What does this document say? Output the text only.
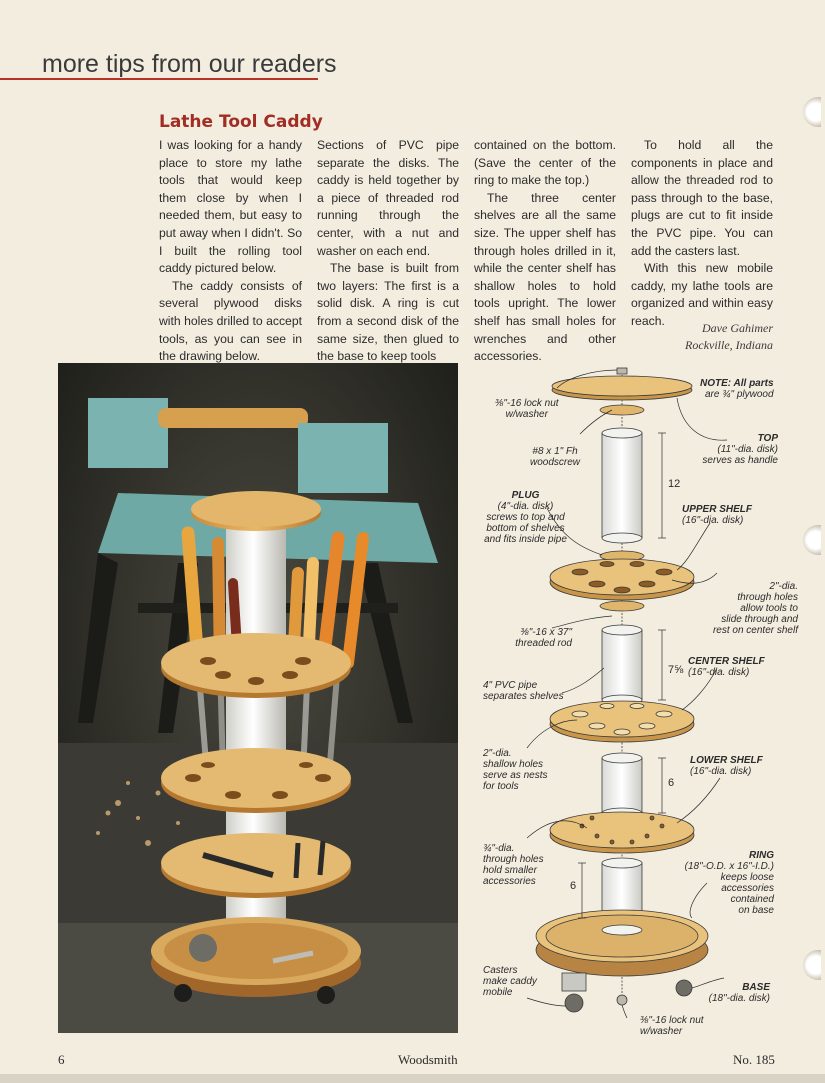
more tips from our readers
Lathe Tool Caddy

I was looking for a handy place to store my lathe tools that would keep them close by when I needed them, but easy to put away when I didn't. So I built the rolling tool caddy pictured below.

The caddy consists of several plywood disks with holes drilled to accept tools, as you can see in the drawing below.

Sections of PVC pipe separate the disks. The caddy is held together by a piece of threaded rod running through the center, with a nut and washer on each end.

The base is built from two layers: The first is a solid disk. A ring is cut from a second disk of the same size, then glued to the base to keep tools

contained on the bottom. (Save the center of the ring to make the top.)

The three center shelves are all the same size. The upper shelf has through holes drilled in it, while the center shelf has shallow holes to hold tools upright. The lower shelf has small holes for wrenches and other accessories.

To hold all the components in place and allow the threaded rod to pass through to the base, plugs are cut to fit inside the PVC pipe. You can add the casters last.

With this new mobile caddy, my lathe tools are organized and within easy reach.

Dave Gahimer
Rockville, Indiana
NOTE: All parts
are ¾" plywood
⅜"-16 lock nut
w/washer
#8 x 1" Fh
woodscrew
TOP
(11"-dia. disk)
serves as handle
PLUG
(4"-dia. disk)
screws to top and
bottom of shelves
and fits inside pipe
UPPER SHELF
(16"-dia. disk)
2"-dia.
through holes
allow tools to
slide through and
rest on center shelf
⅜"-16 x 37"
threaded rod
CENTER SHELF
(16"-dia. disk)
4" PVC pipe
separates shelves
2"-dia.
shallow holes
serve as nests
for tools
LOWER SHELF
(16"-dia. disk)
¾"-dia.
through holes
hold smaller
accessories
RING
(18"-O.D. x 16"-I.D.)
keeps loose
accessories
contained
on base
Casters
make caddy
mobile	BASE
(18"-dia. disk)
⅜"-16 lock nut
w/washer
12
7⅝
6
6
6	Woodsmith	No. 185
